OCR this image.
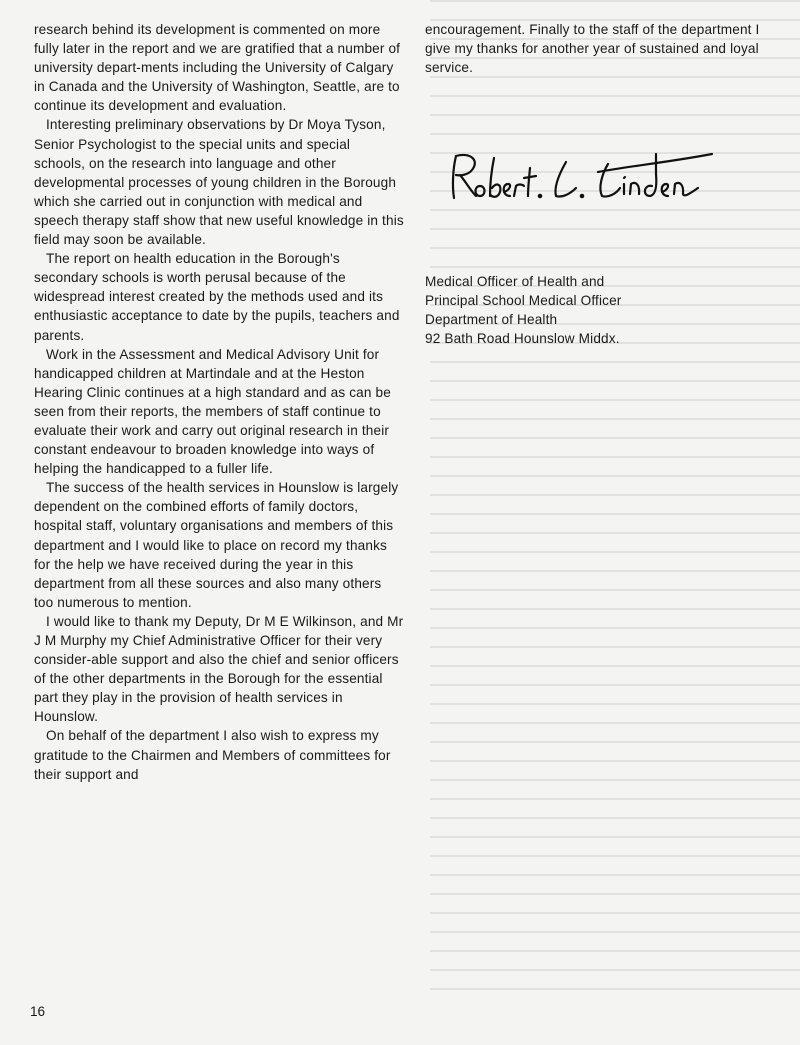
research behind its development is commented on more fully later in the report and we are gratified that a number of university depart-ments including the University of Calgary in Canada and the University of Washington, Seattle, are to continue its development and evaluation.

Interesting preliminary observations by Dr Moya Tyson, Senior Psychologist to the special units and special schools, on the research into language and other developmental processes of young children in the Borough which she carried out in conjunction with medical and speech therapy staff show that new useful knowledge in this field may soon be available.

The report on health education in the Borough's secondary schools is worth perusal because of the widespread interest created by the methods used and its enthusiastic acceptance to date by the pupils, teachers and parents.

Work in the Assessment and Medical Advisory Unit for handicapped children at Martindale and at the Heston Hearing Clinic continues at a high standard and as can be seen from their reports, the members of staff continue to evaluate their work and carry out original research in their constant endeavour to broaden knowledge into ways of helping the handicapped to a fuller life.

The success of the health services in Hounslow is largely dependent on the combined efforts of family doctors, hospital staff, voluntary organisations and members of this department and I would like to place on record my thanks for the help we have received during the year in this department from all these sources and also many others too numerous to mention.

I would like to thank my Deputy, Dr M E Wilkinson, and Mr J M Murphy my Chief Administrative Officer for their very consider-able support and also the chief and senior officers of the other departments in the Borough for the essential part they play in the provision of health services in Hounslow.

On behalf of the department I also wish to express my gratitude to the Chairmen and Members of committees for their support and

encouragement. Finally to the staff of the department I give my thanks for another year of sustained and loyal service.

Medical Officer of Health and
Principal School Medical Officer
Department of Health
92 Bath Road Hounslow Middx.
16
